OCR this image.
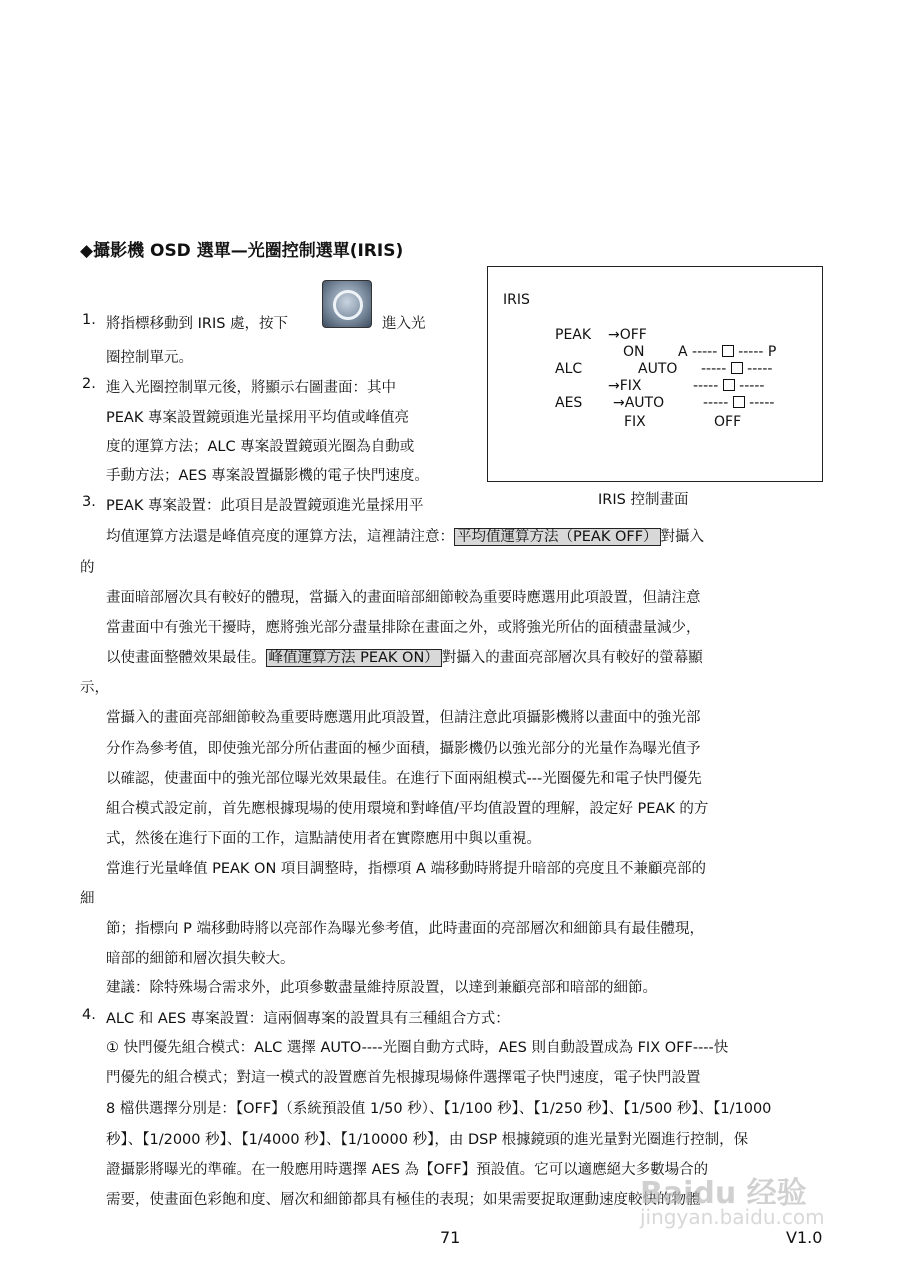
◆攝影機 OSD 選單—光圈控制選單(IRIS)
1. 將指標移動到 IRIS 處，按下	進入光
圈控制單元。
2. 進入光圈控制單元後，將顯示右圖畫面：其中
PEAK 專案設置鏡頭進光量採用平均值或峰值亮
度的運算方法；ALC 專案設置鏡頭光圈為自動或
手動方法；AES 專案設置攝影機的電子快門速度。
IRIS
PEAK →OFF
ON A ----- ----- P
ALC	AUTO ----- -----
→FIX	----- -----
AES →AUTO	----- -----
FIX	OFF
IRIS 控制畫面
3. PEAK 專案設置：此項目是設置鏡頭進光量採用平
均值運算方法還是峰值亮度的運算方法，這裡請注意： 平均值運算方法（PEAK OFF） 對攝入
的
畫面暗部層次具有較好的體現，當攝入的畫面暗部細節較為重要時應選用此項設置，但請注意
當畫面中有強光干擾時，應將強光部分盡量排除在畫面之外，或將強光所佔的面積盡量減少，
以使畫面整體效果最佳。 峰值運算方法 PEAK ON） 對攝入的畫面亮部層次具有較好的螢幕顯
示，
當攝入的畫面亮部細節較為重要時應選用此項設置，但請注意此項攝影機將以畫面中的強光部
分作為參考值，即使強光部分所佔畫面的極少面積，攝影機仍以強光部分的光量作為曝光值予
以確認，使畫面中的強光部位曝光效果最佳。在進行下面兩組模式---光圈優先和電子快門優先
組合模式設定前，首先應根據現場的使用環境和對峰值/平均值設置的理解，設定好 PEAK 的方
式，然後在進行下面的工作，這點請使用者在實際應用中與以重視。
當進行光量峰值 PEAK ON 項目調整時，指標項 A 端移動時將提升暗部的亮度且不兼顧亮部的
細
節；指標向 P 端移動時將以亮部作為曝光參考值，此時畫面的亮部層次和細節具有最佳體現，
暗部的細節和層次損失較大。
建議：除特殊場合需求外，此項參數盡量維持原設置，以達到兼顧亮部和暗部的細節。
4. ALC 和 AES 專案設置：這兩個專案的設置具有三種組合方式：
① 快門優先組合模式：ALC 選擇 AUTO----光圈自動方式時，AES 則自動設置成為 FIX OFF----快
門優先的組合模式；對這一模式的設置應首先根據現場條件選擇電子快門速度，電子快門設置
8 檔供選擇分別是：【OFF】（系統預設值 1/50 秒）、【1/100 秒】、【1/250 秒】、【1/500 秒】、【1/1000
秒】、【1/2000 秒】、【1/4000 秒】、【1/10000 秒】，由 DSP 根據鏡頭的進光量對光圈進行控制，保
證攝影將曝光的準確。在一般應用時選擇 AES 為【OFF】預設值。它可以適應絕大多數場合的
需要，使畫面色彩飽和度、層次和細節都具有極佳的表現；如果需要捉取運動速度較快的物體
Baidu 经验
jingyan.baidu.com
71	V1.0
